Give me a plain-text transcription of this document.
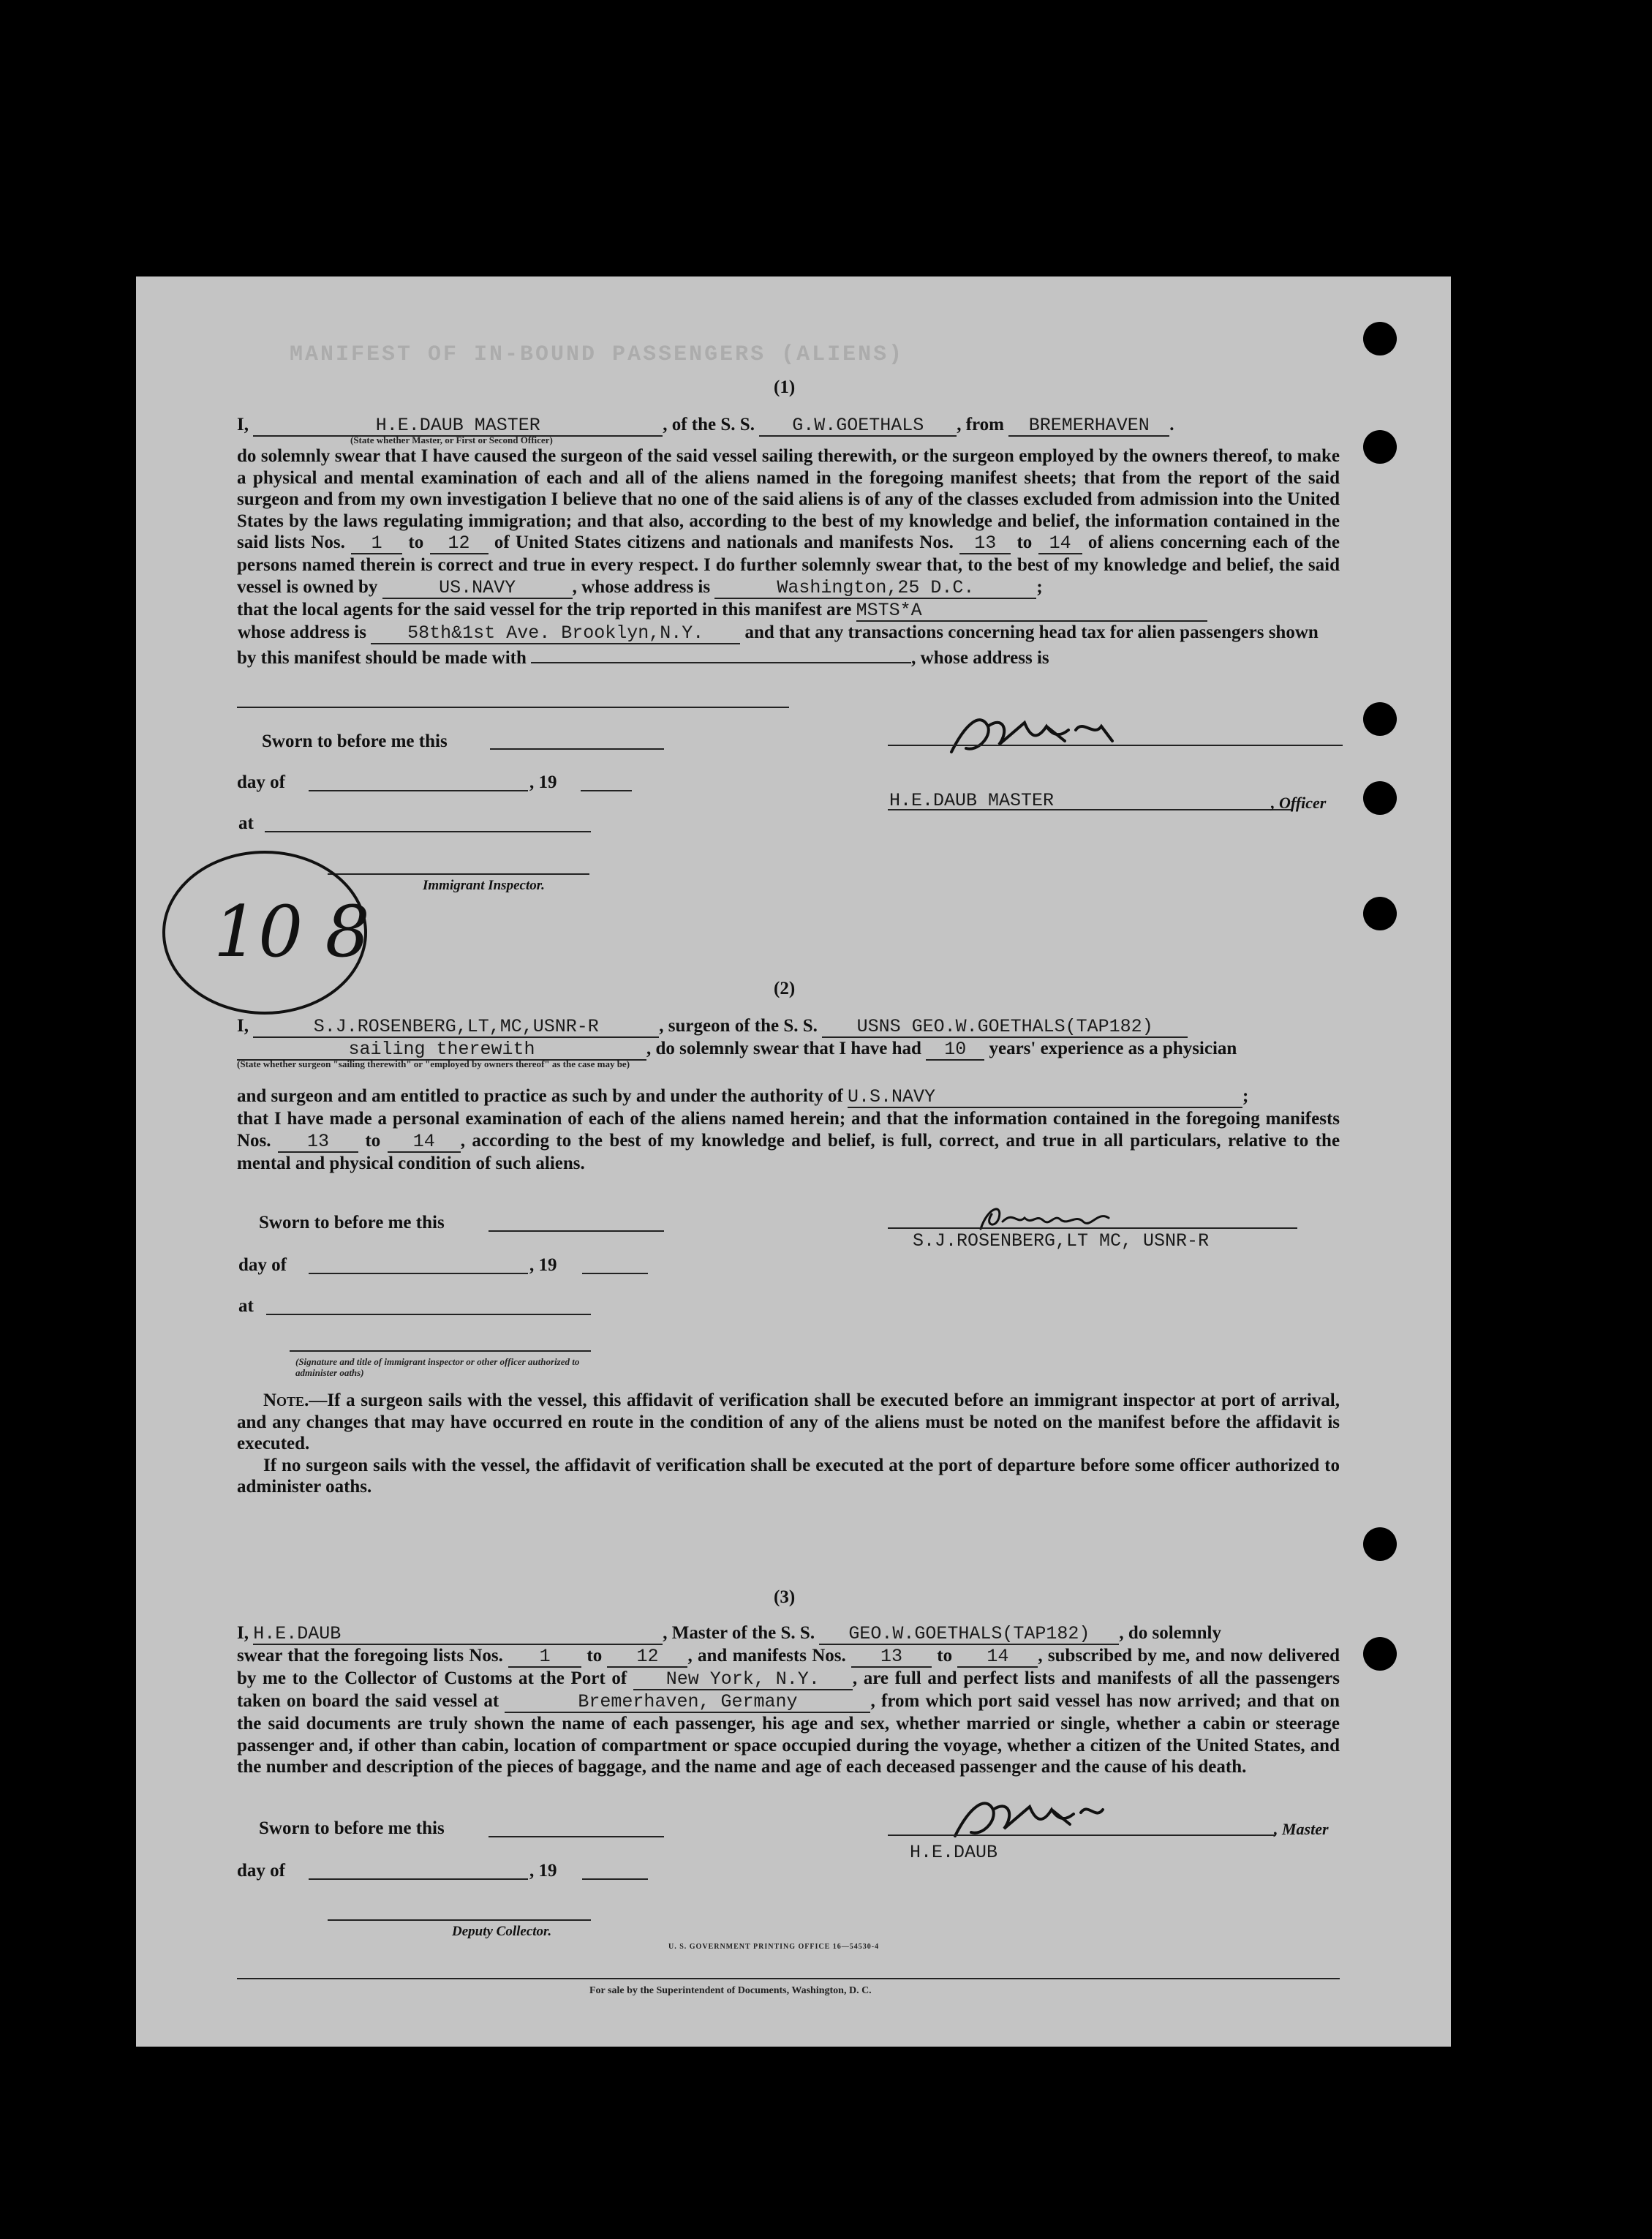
MANIFEST OF IN-BOUND PASSENGERS (ALIENS)
(1)

I,	H.E.DAUB MASTER	, of the S. S. G.W.GOETHALS , from BREMERHAVEN .

(State whether Master, or First or Second Officer)

do solemnly swear that I have caused the surgeon of the said vessel sailing therewith, or the surgeon employed by the owners thereof, to make a physical and mental examination of each and all of the aliens named in the foregoing manifest sheets; that from the report of the said surgeon and from my own investigation I believe that no one of the said aliens is of any of the classes excluded from admission into the United States by the laws regulating immigration; and that also, according to the best of my knowledge and belief, the information contained in the said lists Nos. 1 to 12 of United States citizens and nationals and manifests Nos. 13 to 14 of aliens concerning each of the persons named therein is correct and true in every respect. I do further solemnly swear that, to the best of my knowledge and belief, the said vessel is owned by	US.NAVY	, whose address is	Washington,25 D.C.	;

that the local agents for the said vessel for the trip reported in this manifest are MSTS*A

whose address is 58th&1st Ave. Brooklyn,N.Y. and that any transactions concerning head tax for alien passengers shown by this manifest should be made with	, whose address is

Sworn to before me this
day of	, 19
at
Immigrant Inspector.
H.E.DAUB MASTER	, Officer
10 8
(2)

I,	S.J.ROSENBERG,LT,MC,USNR-R	, surgeon of the S. S. USNS GEO.W.GOETHALS(TAP182)

sailing therewith	, do solemnly swear that I have had 10 years' experience as a physician

(State whether surgeon "sailing therewith" or "employed by owners thereof" as the case may be)

and surgeon and am entitled to practice as such by and under the authority of U.S.NAVY	;

that I have made a personal examination of each of the aliens named herein; and that the information contained in the foregoing manifests Nos. 13 to 14 , according to the best of my knowledge and belief, is full, correct, and true in all particulars, relative to the mental and physical condition of such aliens.

Sworn to before me this
day of	, 19
at
(Signature and title of immigrant inspector or other officer authorized to administer oaths)
S.J.ROSENBERG,LT MC, USNR-R

Note.—If a surgeon sails with the vessel, this affidavit of verification shall be executed before an immigrant inspector at port of arrival, and any changes that may have occurred en route in the condition of any of the aliens must be noted on the manifest before the affidavit is executed.

If no surgeon sails with the vessel, the affidavit of verification shall be executed at the port of departure before some officer authorized to administer oaths.

(3)

I, H.E.DAUB	, Master of the S. S. GEO.W.GOETHALS(TAP182) , do solemnly

swear that the foregoing lists Nos. 1 to 12 , and manifests Nos. 13 to 14 , subscribed by me, and now delivered by me to the Collector of Customs at the Port of New York, N.Y. , are full and perfect lists and manifests of all the passengers taken on board the said vessel at	Bremerhaven, Germany	, from which port said vessel has now arrived; and that on the said documents are truly shown the name of each passenger, his age and sex, whether married or single, whether a cabin or steerage passenger and, if other than cabin, location of compartment or space occupied during the voyage, whether a citizen of the United States, and the number and description of the pieces of baggage, and the name and age of each deceased passenger and the cause of his death.

Sworn to before me this
day of	, 19
Deputy Collector.
, Master
H.E.DAUB
U. S. GOVERNMENT PRINTING OFFICE 16—54530-4
For sale by the Superintendent of Documents, Washington, D. C.
